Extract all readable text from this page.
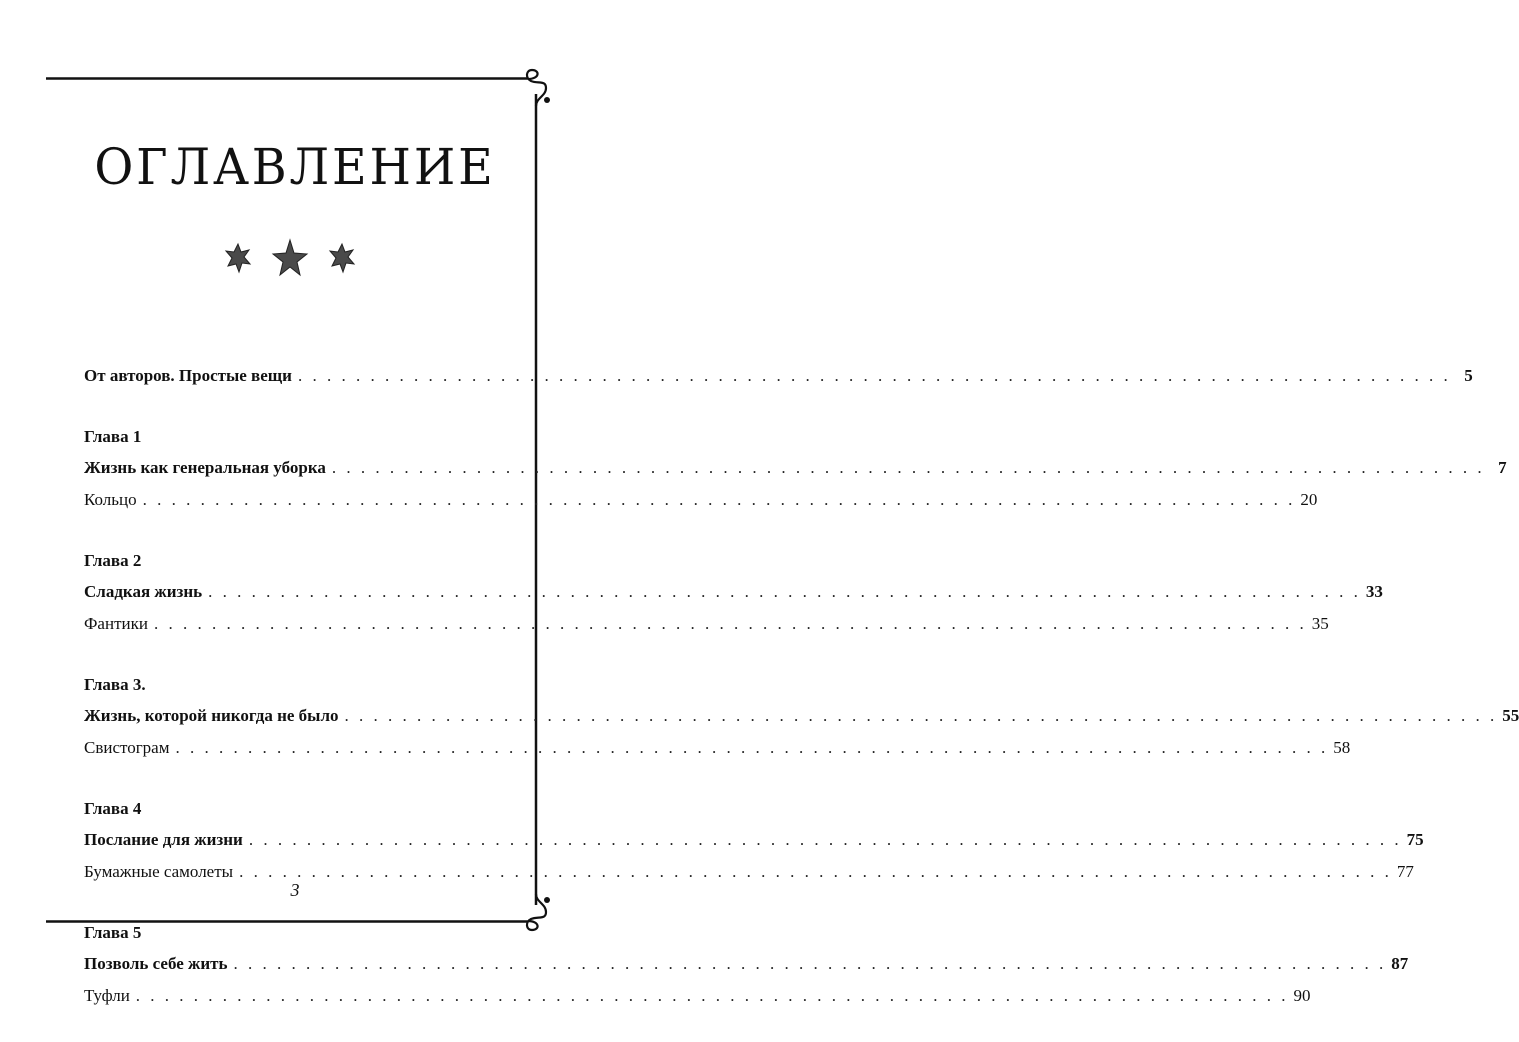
ОГЛАВЛЕНИЕ
От авторов. Простые вещи . . . . . . . . . . . . . . . . . . . . . . . . . . . . . . . . . . . . . . . . . . . . . . . . . . . . . . . . . . . . . . . . . . . . . . . . . . . . . . . . 5
Глава 1
Жизнь как генеральная уборка . . . . . . . . . . . . . . . . . . . . . . . . . . . . . . . . . . . . . . . . . . . . . . . . . . . . . . . . . . . . . . . . . . . . . . . . . . . . . . . . 7
Кольцо . . . . . . . . . . . . . . . . . . . . . . . . . . . . . . . . . . . . . . . . . . . . . . . . . . . . . . . . . . . . . . . . . . . . . . . . . . . . . . . . 20
Глава 2
Сладкая жизнь . . . . . . . . . . . . . . . . . . . . . . . . . . . . . . . . . . . . . . . . . . . . . . . . . . . . . . . . . . . . . . . . . . . . . . . . . . . . . . . . 33
Фантики . . . . . . . . . . . . . . . . . . . . . . . . . . . . . . . . . . . . . . . . . . . . . . . . . . . . . . . . . . . . . . . . . . . . . . . . . . . . . . . . 35
Глава 3.
Жизнь, которой никогда не было . . . . . . . . . . . . . . . . . . . . . . . . . . . . . . . . . . . . . . . . . . . . . . . . . . . . . . . . . . . . . . . . . . . . . . . . . . . . . . . . 55
Свистограм . . . . . . . . . . . . . . . . . . . . . . . . . . . . . . . . . . . . . . . . . . . . . . . . . . . . . . . . . . . . . . . . . . . . . . . . . . . . . . . . 58
Глава 4
Послание для жизни . . . . . . . . . . . . . . . . . . . . . . . . . . . . . . . . . . . . . . . . . . . . . . . . . . . . . . . . . . . . . . . . . . . . . . . . . . . . . . . . 75
Бумажные самолеты . . . . . . . . . . . . . . . . . . . . . . . . . . . . . . . . . . . . . . . . . . . . . . . . . . . . . . . . . . . . . . . . . . . . . . . . . . . . . . . . 77
Глава 5
Позволь себе жить . . . . . . . . . . . . . . . . . . . . . . . . . . . . . . . . . . . . . . . . . . . . . . . . . . . . . . . . . . . . . . . . . . . . . . . . . . . . . . . . 87
Туфли . . . . . . . . . . . . . . . . . . . . . . . . . . . . . . . . . . . . . . . . . . . . . . . . . . . . . . . . . . . . . . . . . . . . . . . . . . . . . . . . 90
3
